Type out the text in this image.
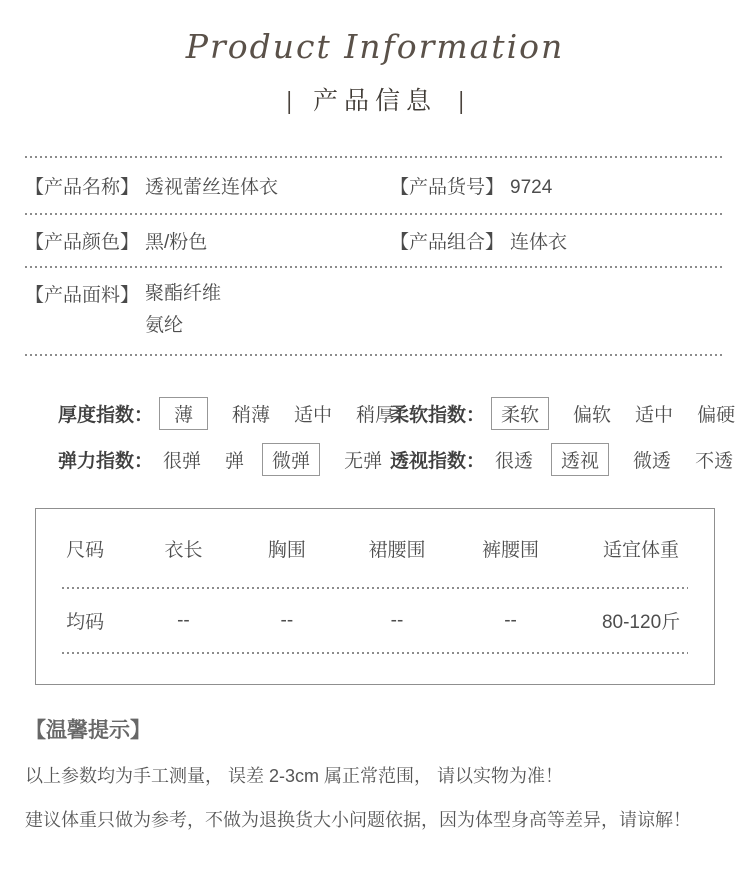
Product Information
| 产品信息 |
【产品名称】 透视蕾丝连体衣	【产品货号】 9724
【产品颜色】 黑/粉色	【产品组合】 连体衣
【产品面料】 聚酯纤维
氨纶
厚度指数：	薄	稍薄 适中 稍厚
柔软指数： 柔软	偏软 适中 偏硬
弹力指数： 很弹 弹	微弹	无弹 透视指数： 很透	透视	微透 不透
尺码	衣长	胸围	裙腰围	裤腰围	适宜体重
均码	--	--	--	--	80-120斤
【温馨提示】
以上参数均为手工测量， 误差 2-3cm 属正常范围， 请以实物为准！
建议体重只做为参考，不做为退换货大小问题依据，因为体型身高等差异，请谅解！
